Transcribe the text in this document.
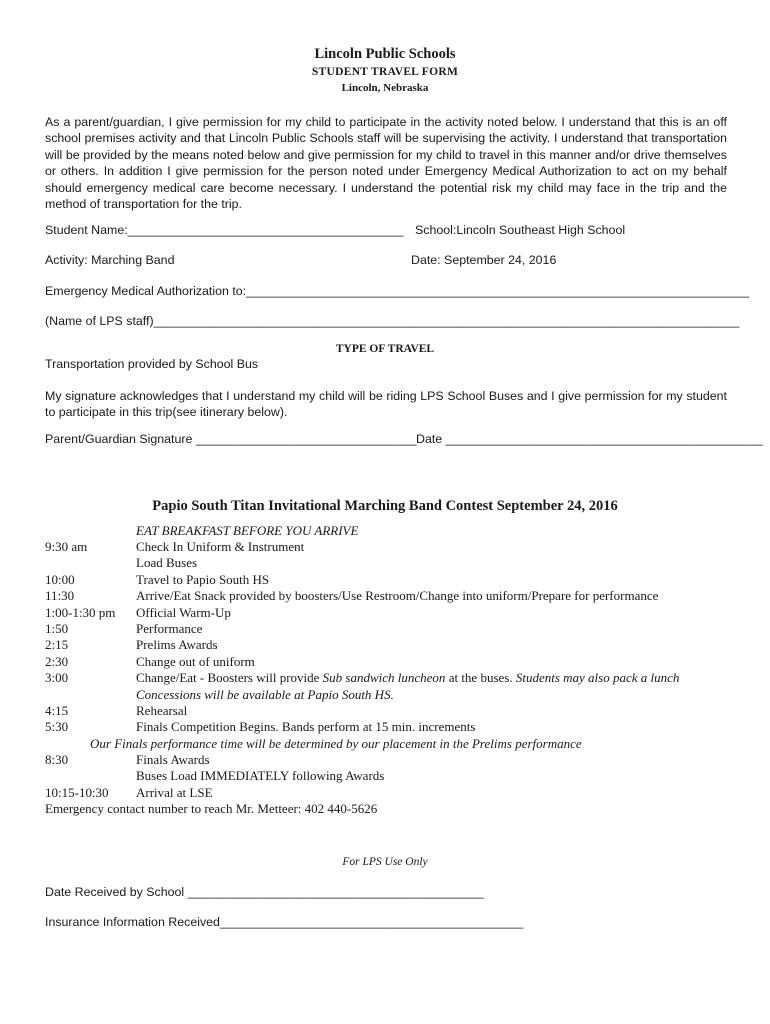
Lincoln Public Schools
STUDENT TRAVEL FORM
Lincoln, Nebraska
As a parent/guardian, I give permission for my child to participate in the activity noted below. I understand that this is an off school premises activity and that Lincoln Public Schools staff will be supervising the activity. I understand that transportation will be provided by the means noted below and give permission for my child to travel in this manner and/or drive themselves or others. In addition I give permission for the person noted under Emergency Medical Authorization to act on my behalf should emergency medical care become necessary. I understand the potential risk my child may face in the trip and the method of transportation for the trip.
Student Name:________________________________________ School:Lincoln Southeast High School
Activity: Marching Band	Date: September 24, 2016
Emergency Medical Authorization to:_________________________________________________________________________
(Name of LPS staff)_____________________________________________________________________________________
TYPE OF TRAVEL
Transportation provided by School Bus
My signature acknowledges that I understand my child will be riding LPS School Buses and I give permission for my student to participate in this trip(see itinerary below).
Parent/Guardian Signature ________________________________ Date ______________________________________________
Papio South Titan Invitational Marching Band Contest September 24, 2016
EAT BREAKFAST BEFORE YOU ARRIVE
9:30 am	Check In Uniform & Instrument
Load Buses
10:00	Travel to Papio South HS
11:30	Arrive/Eat Snack provided by boosters/Use Restroom/Change into uniform/Prepare for performance
1:00-1:30 pm Official Warm-Up
1:50	Performance
2:15	Prelims Awards
2:30	Change out of uniform
3:00	Change/Eat - Boosters will provide Sub sandwich luncheon at the buses. Students may also pack a lunch
Concessions will be available at Papio South HS.
4:15	Rehearsal
5:30	Finals Competition Begins. Bands perform at 15 min. increments
Our Finals performance time will be determined by our placement in the Prelims performance
8:30	Finals Awards
Buses Load IMMEDIATELY following Awards
10:15-10:30 Arrival at LSE
Emergency contact number to reach Mr. Metteer: 402 440-5626
For LPS Use Only
Date Received by School ___________________________________________
Insurance Information Received____________________________________________
